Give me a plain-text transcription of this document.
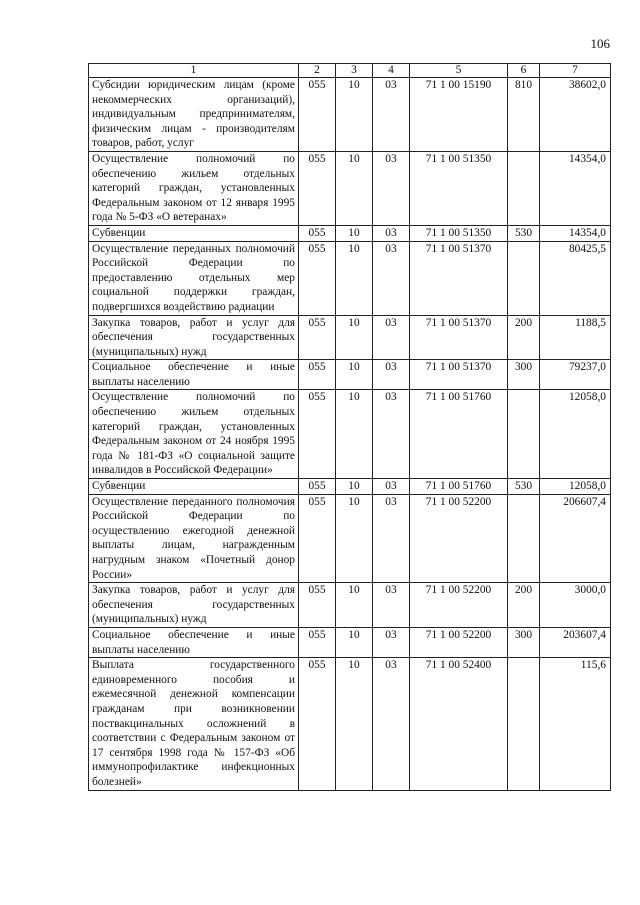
106
1	2	3	4	5	6	7
Субсидии юридическим лицам (кроме некоммерческих организаций), индивидуальным предпринимателям, физическим лицам - производителям товаров, работ, услуг	055	10	03	71 1 00 15190	810	38602,0
Осуществление полномочий по обеспечению жильем отдельных категорий граждан, установленных Федеральным законом от 12 января 1995 года № 5-ФЗ «О ветеранах»	055	10	03	71 1 00 51350		14354,0
Субвенции	055	10	03	71 1 00 51350	530	14354,0
Осуществление переданных полномочий Российской Федерации по предоставлению отдельных мер социальной поддержки граждан, подвергшихся воздействию радиации	055	10	03	71 1 00 51370		80425,5
Закупка товаров, работ и услуг для обеспечения государственных (муниципальных) нужд	055	10	03	71 1 00 51370	200	1188,5
Социальное обеспечение и иные выплаты населению	055	10	03	71 1 00 51370	300	79237,0
Осуществление полномочий по обеспечению жильем отдельных категорий граждан, установленных Федеральным законом от 24 ноября 1995 года № 181-ФЗ «О социальной защите инвалидов в Российской Федерации»	055	10	03	71 1 00 51760		12058,0
Субвенции	055	10	03	71 1 00 51760	530	12058,0
Осуществление переданного полномочия Российской Федерации по осуществлению ежегодной денежной выплаты лицам, награжденным нагрудным знаком «Почетный донор России»	055	10	03	71 1 00 52200		206607,4
Закупка товаров, работ и услуг для обеспечения государственных (муниципальных) нужд	055	10	03	71 1 00 52200	200	3000,0
Социальное обеспечение и иные выплаты населению	055	10	03	71 1 00 52200	300	203607,4
Выплата государственного единовременного пособия и ежемесячной денежной компенсации гражданам при возникновении поствакцинальных осложнений в соответствии с Федеральным законом от 17 сентября 1998 года № 157-ФЗ «Об иммунопрофилактике инфекционных болезней»	055	10	03	71 1 00 52400		115,6
